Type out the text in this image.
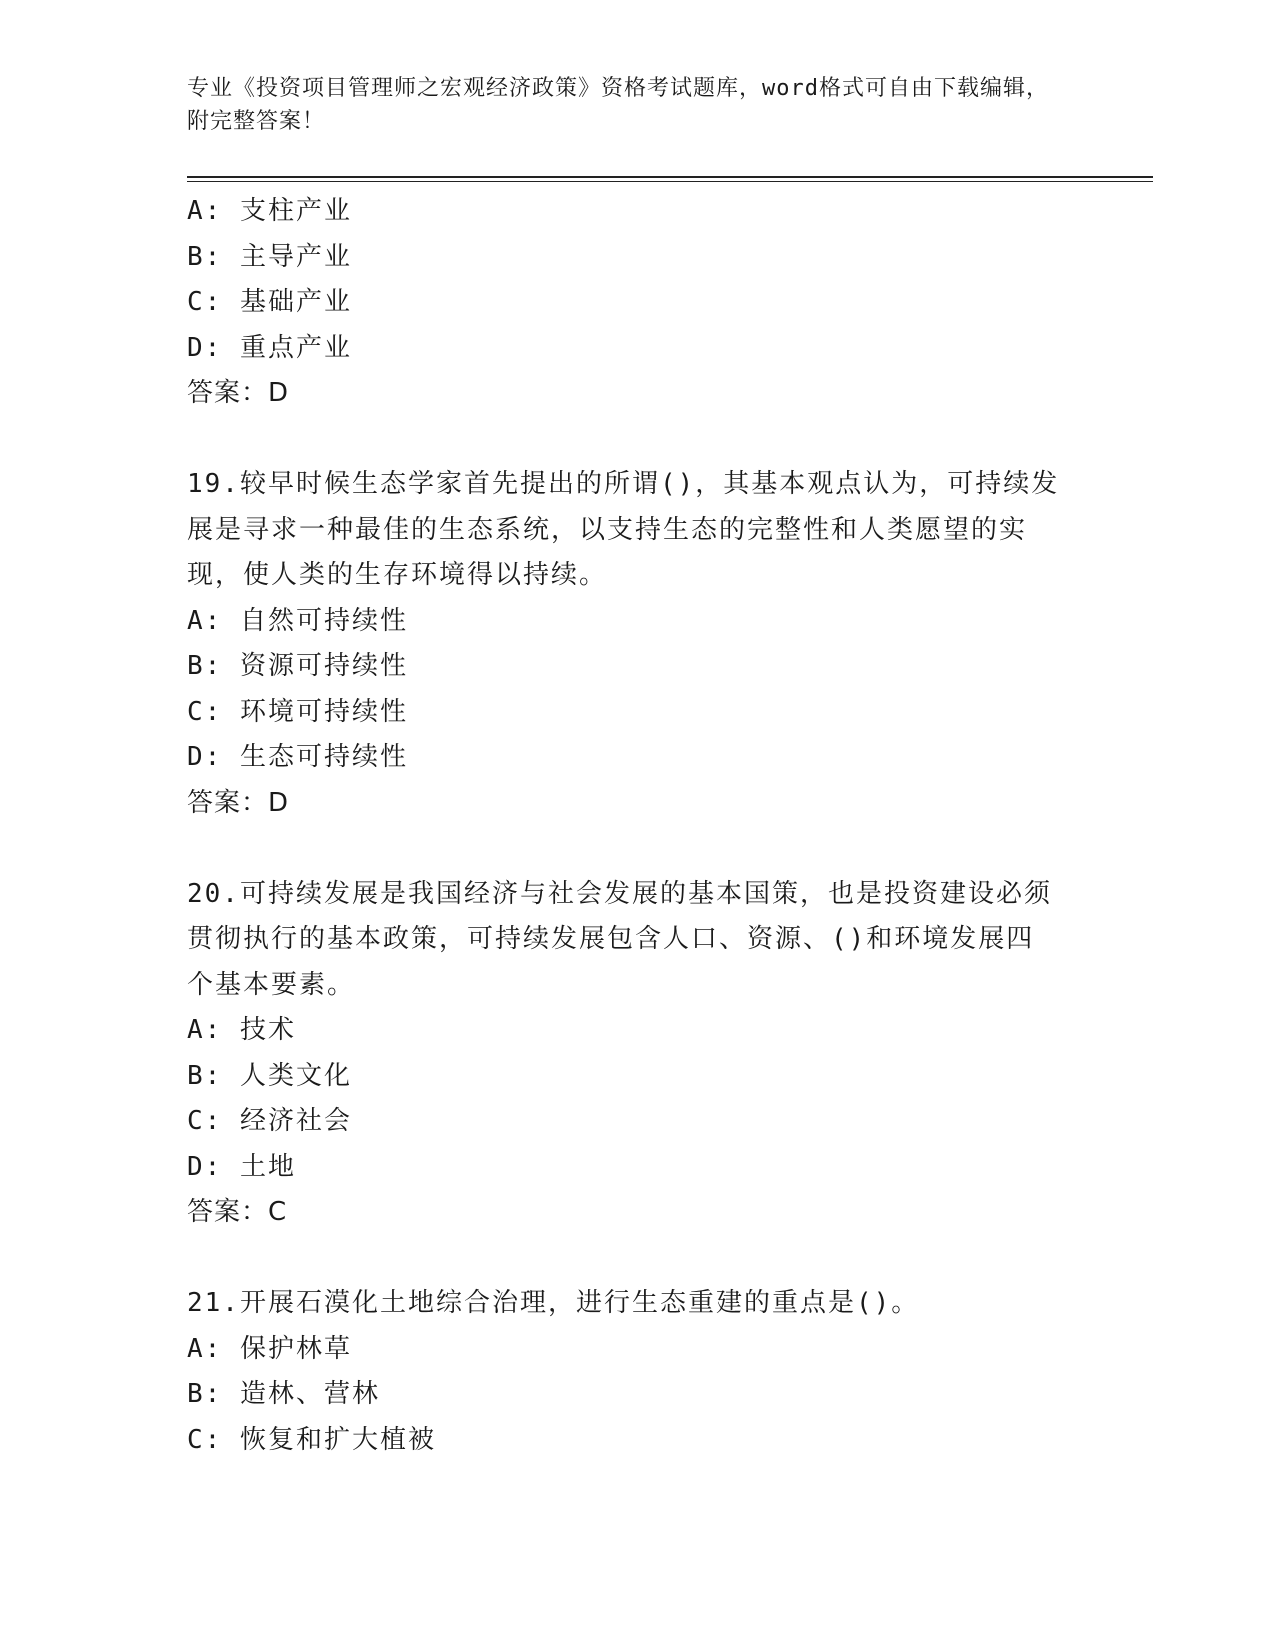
专业《投资项目管理师之宏观经济政策》资格考试题库，word格式可自由下载编辑，附完整答案！
A: 支柱产业
B: 主导产业
C: 基础产业
D: 重点产业
答案：D
19.较早时候生态学家首先提出的所谓()，其基本观点认为，可持续发
展是寻求一种最佳的生态系统，以支持生态的完整性和人类愿望的实
现，使人类的生存环境得以持续。
A: 自然可持续性
B: 资源可持续性
C: 环境可持续性
D: 生态可持续性
答案：D
20.可持续发展是我国经济与社会发展的基本国策，也是投资建设必须
贯彻执行的基本政策，可持续发展包含人口、资源、()和环境发展四
个基本要素。
A: 技术
B: 人类文化
C: 经济社会
D: 土地
答案：C
21.开展石漠化土地综合治理，进行生态重建的重点是()。
A: 保护林草
B: 造林、营林
C: 恢复和扩大植被
